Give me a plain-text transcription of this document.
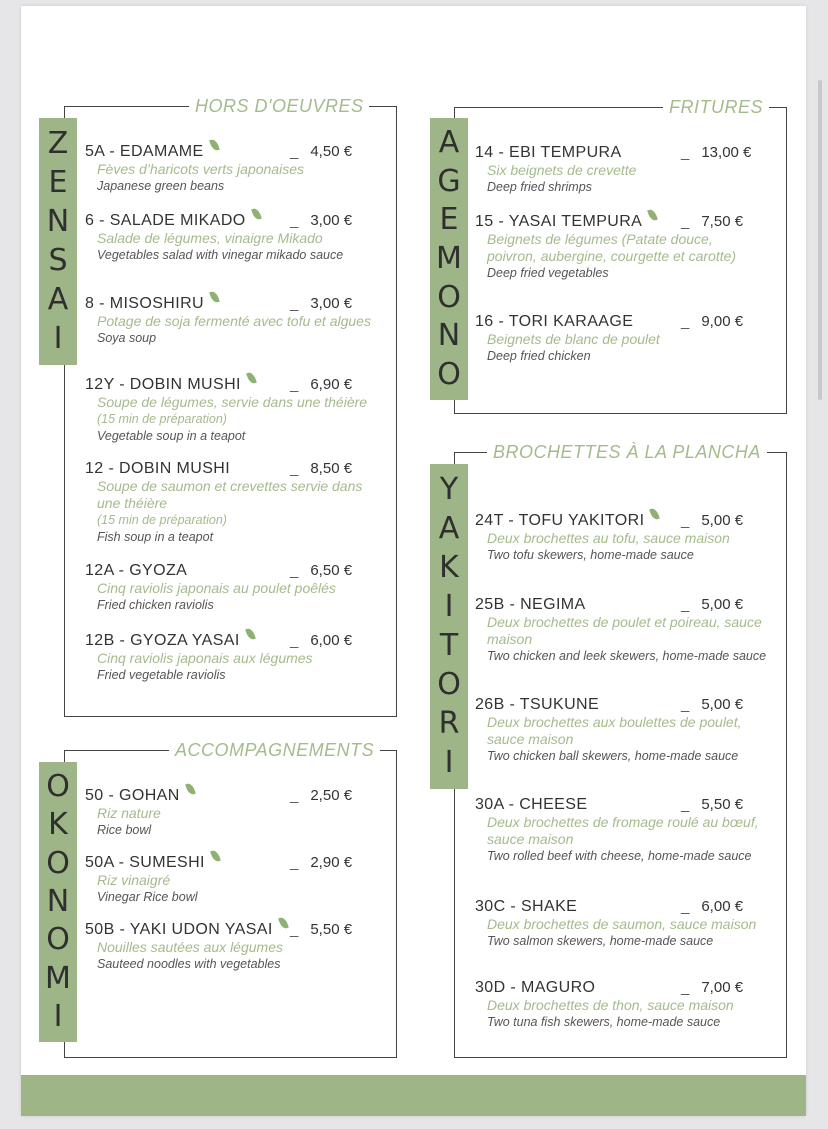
HORS D'OEUVRES
Z
E
N
S
A
I
ACCOMPAGNEMENTS
O
K
O
N
O
M
I
FRITURES
A
G
E
M
O
N
O
BROCHETTES À LA PLANCHA
Y
A
K
I
T
O
R
I
5A - EDAMAME	_ 4,50 €
Fèves d’haricots verts japonaises
Japanese green beans
6 - SALADE MIKADO	_ 3,00 €
Salade de légumes, vinaigre Mikado
Vegetables salad with vinegar mikado sauce
8 - MISOSHIRU	_ 3,00 €
Potage de soja fermenté avec tofu et algues
Soya soup
12Y - DOBIN MUSHI	_ 6,90 €
Soupe de légumes, servie dans une théière
(15 min de préparation)
Vegetable soup in a teapot
12 - DOBIN MUSHI	_ 8,50 €
Soupe de saumon et crevettes servie dans une théière
(15 min de préparation)
Fish soup in a teapot
12A - GYOZA	_ 6,50 €
Cinq raviolis japonais au poulet poêlés
Fried chicken raviolis
12B - GYOZA YASAI	_ 6,00 €
Cinq raviolis japonais aux légumes
Fried vegetable raviolis
50 - GOHAN	_ 2,50 €
Riz nature
Rice bowl
50A - SUMESHI	_ 2,90 €
Riz vinaigré
Vinegar Rice bowl
50B - YAKI UDON YASAI _ 5,50 €
Nouilles sautées aux légumes
Sauteed noodles with vegetables
14 - EBI TEMPURA	_ 13,00 €
Six beignets de crevette
Deep fried shrimps
15 - YASAI TEMPURA	_ 7,50 €
Beignets de légumes (Patate douce, poivron, aubergine, courgette et carotte)
Deep fried vegetables
16 - TORI KARAAGE	_ 9,00 €
Beignets de blanc de poulet
Deep fried chicken
24T - TOFU YAKITORI _ 5,00 €
Deux brochettes au tofu, sauce maison
Two tofu skewers, home-made sauce
25B - NEGIMA	_ 5,00 €
Deux brochettes de poulet et poireau, sauce maison
Two chicken and leek skewers, home-made sauce
26B - TSUKUNE	_ 5,00 €
Deux brochettes aux boulettes de poulet, sauce maison
Two chicken ball skewers, home-made sauce
30A - CHEESE	_ 5,50 €
Deux brochettes de fromage roulé au bœuf, sauce maison
Two rolled beef with cheese, home-made sauce
30C - SHAKE	_ 6,00 €
Deux brochettes de saumon, sauce maison
Two salmon skewers, home-made sauce
30D - MAGURO	_ 7,00 €
Deux brochettes de thon, sauce maison
Two tuna fish skewers, home-made sauce
